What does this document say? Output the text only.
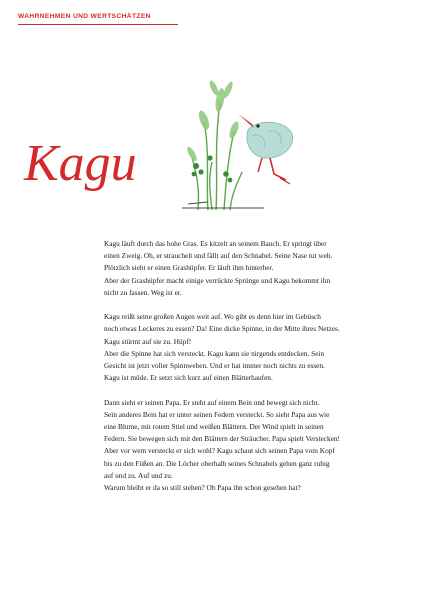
WAHRNEHMEN UND WERTSCHÄTZEN
Kagu
Kagu läuft durch das hohe Gras. Es kitzelt an seinem Bauch. Er springt über
einen Zweig. Oh, er strauchelt und fällt auf den Schnabel. Seine Nase tut weh.
Plötzlich sieht er einen Grashüpfer. Er läuft ihm hinterher.
Aber der Grashüpfer macht einige verrückte Sprünge und Kagu bekommt ihn
nicht zu fassen. Weg ist er.
Kagu reißt seine großen Augen weit auf. Wo gibt es denn hier im Gebüsch
noch etwas Leckeres zu essen? Da! Eine dicke Spinne, in der Mitte ihres Netzes.
Kagu stürmt auf sie zu. Hüpf!
Aber die Spinne hat sich versteckt. Kagu kann sie nirgends entdecken. Sein
Gesicht ist jetzt voller Spinnweben. Und er hat immer noch nichts zu essen.
Kagu ist müde. Er setzt sich kurz auf einen Blätterhaufen.
Dann sieht er seinen Papa. Er steht auf einem Bein und bewegt sich nicht.
Sein anderes Bein hat er unter seinen Federn versteckt. So sieht Papa aus wie
eine Blume, mit rotem Stiel und weißen Blättern. Der Wind spielt in seinen
Federn. Sie bewegen sich mit den Blättern der Sträucher. Papa spielt Verstecken!
Aber vor wem versteckt er sich wohl? Kagu schaut sich seinen Papa vom Kopf
bis zu den Füßen an. Die Löcher oberhalb seines Schnabels gehen ganz ruhig
auf und zu. Auf und zu.
Warum bleibt er da so still stehen? Ob Papa ihn schon gesehen hat?
